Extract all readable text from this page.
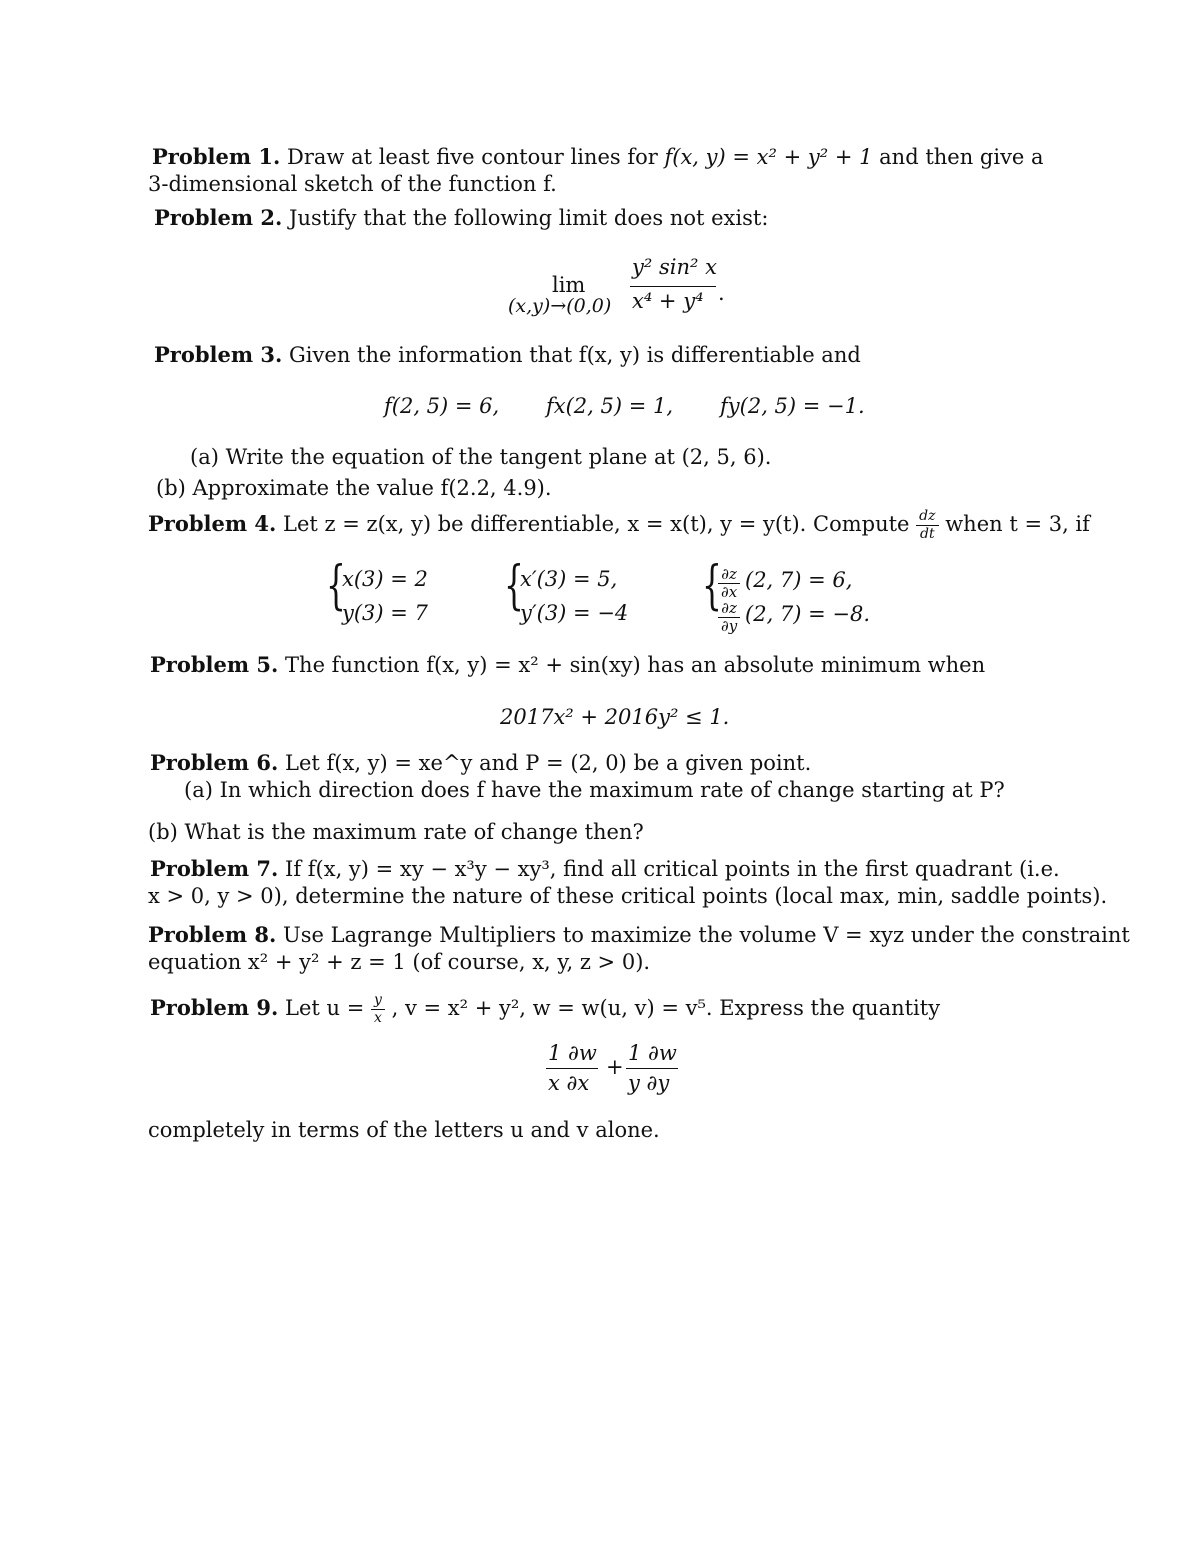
Problem 1. Draw at least five contour lines for f(x, y) = x² + y² + 1 and then give a
3-dimensional sketch of the function f.
Problem 2. Justify that the following limit does not exist:
lim
(x,y)→(0,0)
y² sin² x
x⁴ + y⁴ .
Problem 3. Given the information that f(x, y) is differentiable and
f(2, 5) = 6, fx(2, 5) = 1, fy(2, 5) = −1.
(a) Write the equation of the tangent plane at (2, 5, 6).
(b) Approximate the value f(2.2, 4.9).
Problem 4. Let z = z(x, y) be differentiable, x = x(t), y = y(t). Compute $\frac{dz}{dt}$ when t = 3, if
{
x(3) = 2
y(3) = 7 {
x′(3) = 5,
y′(3) = −4 {
$\frac{\partial z}{\partial x} (2$, 7) = 6,
$\frac{\partial z}{\partial y} (2$, 7) = −8.
Problem 5. The function f(x, y) = x² + sin(xy) has an absolute minimum when
2017x² + 2016y² ≤ 1.
Problem 6. Let f(x, y) = xe^y and P = (2, 0) be a given point.
(a) In which direction does f have the maximum rate of change starting at P?
(b) What is the maximum rate of change then?
Problem 7. If f(x, y) = xy − x³y − xy³, find all critical points in the first quadrant (i.e.
x > 0, y > 0), determine the nature of these critical points (local max, min, saddle points).
Problem 8. Use Lagrange Multipliers to maximize the volume V = xyz under the constraint
equation x² + y² + z = 1 (of course, x, y, z > 0).
Problem 9. Let $u = \frac{y}{x}$ , v = x² + y², w = w(u, v) = v⁵. Express the quantity
1 ∂w
x ∂x
+
1 ∂w
y ∂y
completely in terms of the letters u and v alone.
